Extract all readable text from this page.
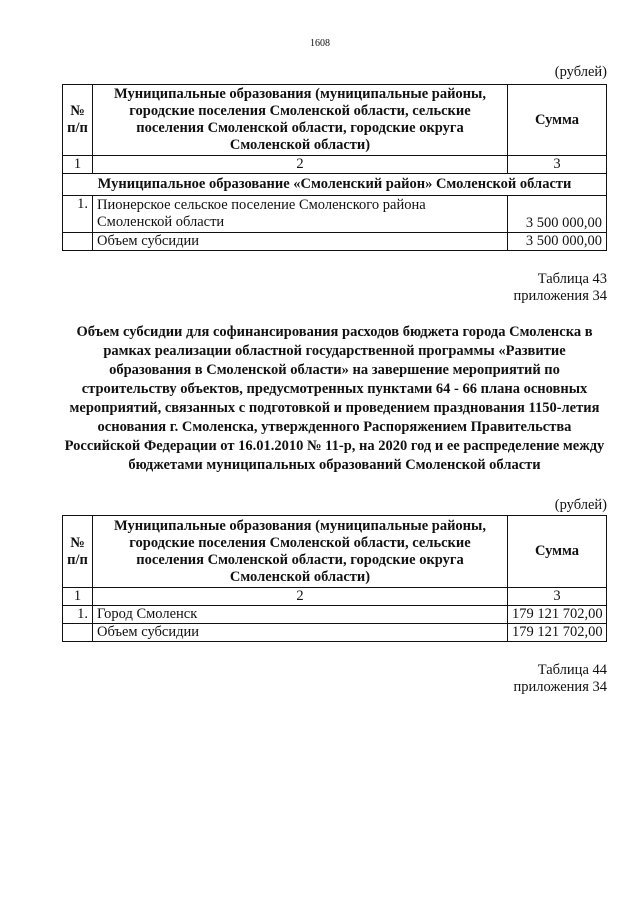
1608
(рублей)
№ п/п	Муниципальные образования (муниципальные районы, городские поселения Смоленской области, сельские поселения Смоленской области, городские округа Смоленской области)	Сумма
1	2	3
Муниципальное образование «Смоленский район» Смоленской области		
1.	Пионерское сельское поселение Смоленского района Смоленской области	3 500 000,00
	Объем субсидии	3 500 000,00
Таблица 43
приложения 34
Объем субсидии для софинансирования расходов бюджета города Смоленска в рамках реализации областной государственной программы «Развитие образования в Смоленской области» на завершение мероприятий по строительству объектов, предусмотренных пунктами 64 - 66 плана основных мероприятий, связанных с подготовкой и проведением празднования 1150-летия основания г. Смоленска, утвержденного Распоряжением Правительства Российской Федерации от 16.01.2010 № 11-р, на 2020 год и ее распределение между бюджетами муниципальных образований Смоленской области
(рублей)
№ п/п	Муниципальные образования (муниципальные районы, городские поселения Смоленской области, сельские поселения Смоленской области, городские округа Смоленской области)	Сумма
1	2	3
1.	Город Смоленск	179 121 702,00
	Объем субсидии	179 121 702,00
Таблица 44
приложения 34
